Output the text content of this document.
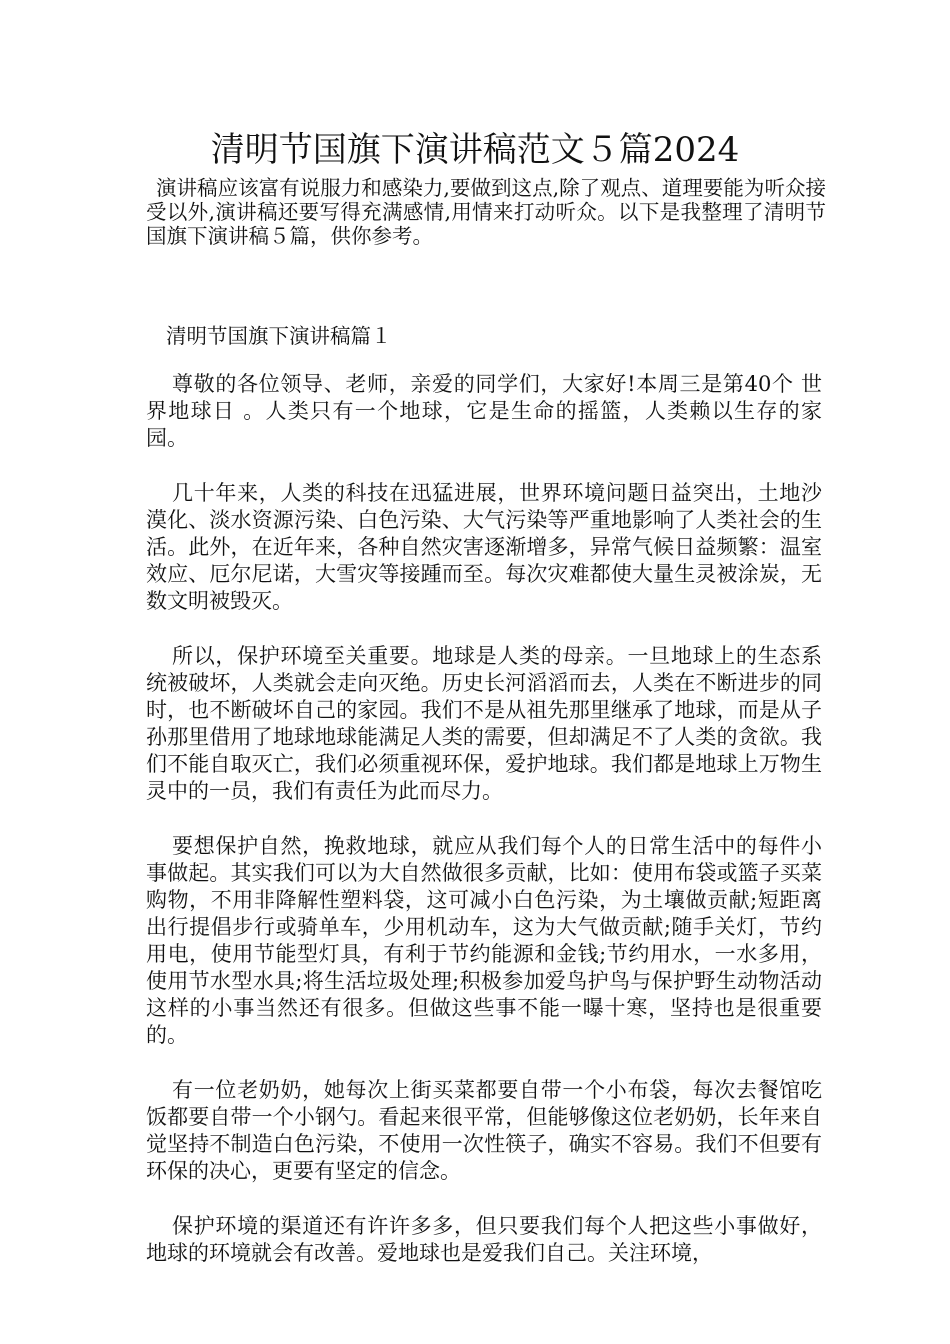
清明节国旗下演讲稿范文５篇2024
演讲稿应该富有说服力和感染力,要做到这点,除了观点、道理要能为听众接受以外,演讲稿还要写得充满感情,用情来打动听众。以下是我整理了清明节国旗下演讲稿５篇，供你参考。
清明节国旗下演讲稿篇１

尊敬的各位领导、老师，亲爱的同学们，大家好!本周三是第40个 世界地球日 。人类只有一个地球，它是生命的摇篮，人类赖以生存的家园。

几十年来，人类的科技在迅猛进展，世界环境问题日益突出，土地沙漠化、淡水资源污染、白色污染、大气污染等严重地影响了人类社会的生活。此外，在近年来，各种自然灾害逐渐增多，异常气候日益频繁：温室效应、厄尔尼诺，大雪灾等接踵而至。每次灾难都使大量生灵被涂炭，无数文明被毁灭。

所以，保护环境至关重要。地球是人类的母亲。一旦地球上的生态系统被破坏，人类就会走向灭绝。历史长河滔滔而去，人类在不断进步的同时，也不断破坏自己的家园。我们不是从祖先那里继承了地球，而是从子孙那里借用了地球地球能满足人类的需要，但却满足不了人类的贪欲。我们不能自取灭亡，我们必须重视环保，爱护地球。我们都是地球上万物生灵中的一员，我们有责任为此而尽力。

要想保护自然，挽救地球，就应从我们每个人的日常生活中的每件小事做起。其实我们可以为大自然做很多贡献，比如：使用布袋或篮子买菜购物，不用非降解性塑料袋，这可减小白色污染，为土壤做贡献;短距离出行提倡步行或骑单车，少用机动车，这为大气做贡献;随手关灯，节约用电，使用节能型灯具，有利于节约能源和金钱;节约用水，一水多用，使用节水型水具;将生活垃圾处理;积极参加爱鸟护鸟与保护野生动物活动 这样的小事当然还有很多。但做这些事不能一曝十寒，坚持也是很重要的。

有一位老奶奶，她每次上街买菜都要自带一个小布袋，每次去餐馆吃饭都要自带一个小钢勺。看起来很平常，但能够像这位老奶奶，长年来自觉坚持不制造白色污染，不使用一次性筷子，确实不容易。我们不但要有环保的决心，更要有坚定的信念。

保护环境的渠道还有许许多多，但只要我们每个人把这些小事做好，地球的环境就会有改善。爱地球也是爱我们自己。关注环境，
